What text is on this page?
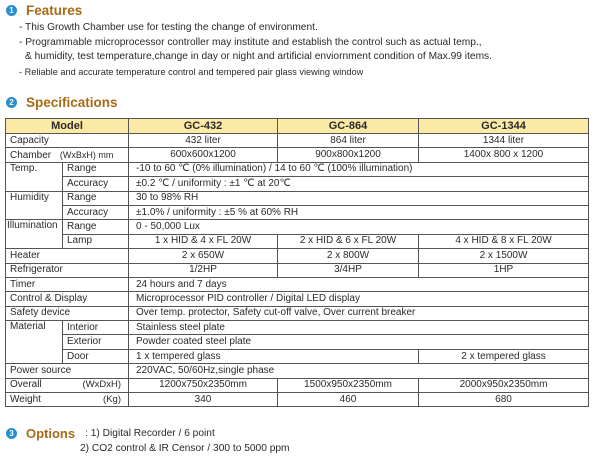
1 Features
- This Growth Chamber use for testing the change of environment.
- Programmable microprocessor controller may institute and establish the control such as actual temp.,
& humidity, test temperature,change in day or night and artificial enviornment condition of Max.99 items.
- Reliable and accurate temperature control and tempered pair glass viewing window
2 Specifications
Model		GC-432	GC-864	GC-1344
Capacity		432 liter	864 liter	1344 liter
Chamber (WxBxH) mm		600x600x1200	900x800x1200	1400x 800 x 1200
Temp.	Range	-10 to 60 ℃ (0% illumination) / 14 to 60 ℃ (100% illumination)		
	Accuracy	±0.2 ℃ / uniformity : ±1 ℃ at 20℃		
Humidity	Range	30 to 98% RH		
	Accuracy	±1.0% / uniformity : ±5 % at 60% RH		
Illumination	Range	0 - 50,000 Lux		
	Lamp	1 x HID & 4 x FL 20W	2 x HID & 6 x FL 20W	4 x HID & 8 x FL 20W
Heater		2 x 650W	2 x 800W	2 x 1500W
Refrigerator		1/2HP	3/4HP	1HP
Timer		24 hours and 7 days		
Control & Display		Microprocessor PID controller / Digital LED display		
Safety device		Over temp. protector, Safety cut-off valve, Over current breaker		
Material	Interior	Stainless steel plate		
	Exterior	Powder coated steel plate		
	Door	1 x tempered glass		2 x tempered glass
Power source		220VAC, 50/60Hz,single phase		
Overall (WxDxH)		1200x750x2350mm	1500x950x2350mm	2000x950x2350mm
Weight (Kg)		340	460	680
3 Options : 1) Digital Recorder / 6 point
2) CO2 control & IR Censor / 300 to 5000 ppm
